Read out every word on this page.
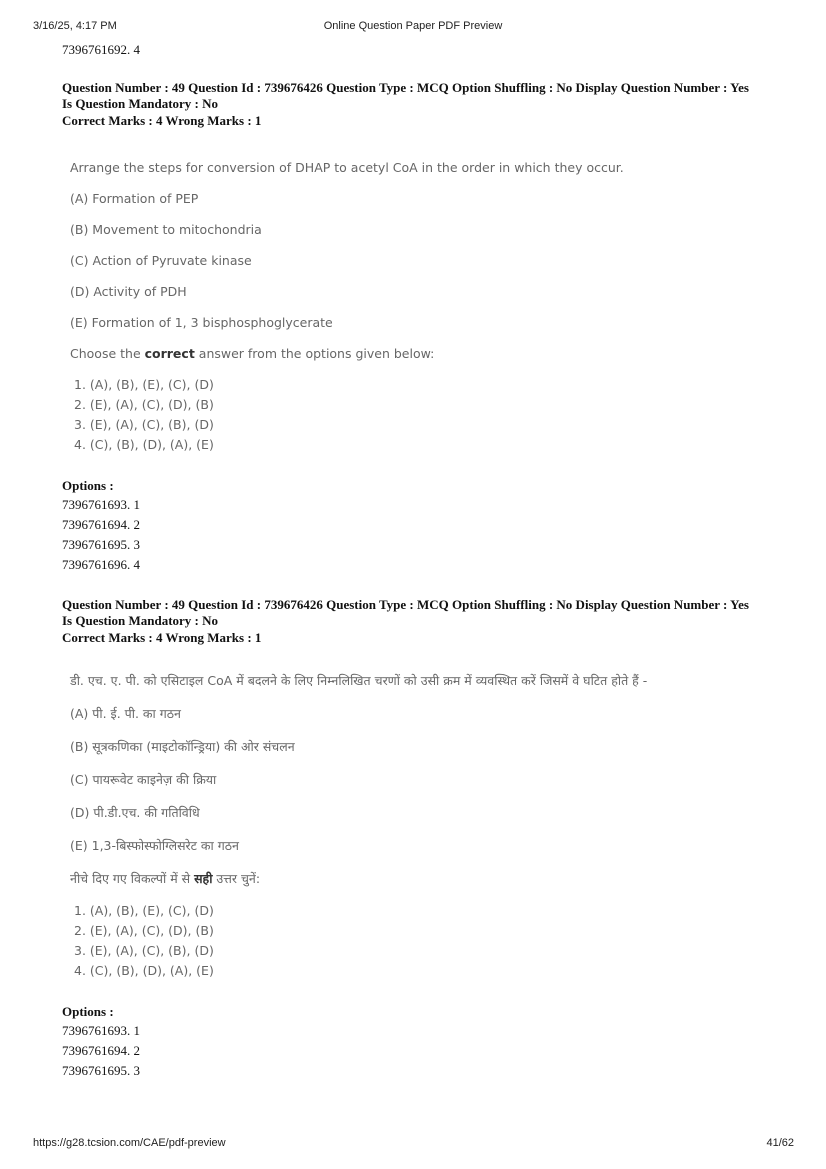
3/16/25, 4:17 PM	Online Question Paper PDF Preview

7396761692. 4

Question Number : 49 Question Id : 739676426 Question Type : MCQ Option Shuffling : No Display Question Number : Yes

Is Question Mandatory : No

Correct Marks : 4 Wrong Marks : 1

Arrange the steps for conversion of DHAP to acetyl CoA in the order in which they occur.

(A) Formation of PEP

(B) Movement to mitochondria

(C) Action of Pyruvate kinase

(D) Activity of PDH

(E) Formation of 1, 3 bisphosphoglycerate

Choose the correct answer from the options given below:

1. (A), (B), (E), (C), (D)

2. (E), (A), (C), (D), (B)

3. (E), (A), (C), (B), (D)

4. (C), (B), (D), (A), (E)

Options :

7396761693. 1

7396761694. 2

7396761695. 3

7396761696. 4

Question Number : 49 Question Id : 739676426 Question Type : MCQ Option Shuffling : No Display Question Number : Yes

Is Question Mandatory : No

Correct Marks : 4 Wrong Marks : 1

डी. एच. ए. पी. को एसिटाइल CoA में बदलने के लिए निम्नलिखित चरणों को उसी क्रम में व्यवस्थित करें जिसमें वे घटित होते हैं -

(A) पी. ई. पी. का गठन

(B) सूत्रकणिका (माइटोकॉन्ड्रिया) की ओर संचलन

(C) पायरूवेट काइनेज़ की क्रिया

(D) पी.डी.एच. की गतिविधि

(E) 1,3-बिस्फोस्फोग्लिसरेट का गठन

नीचे दिए गए विकल्पों में से सही उत्तर चुनें:

1. (A), (B), (E), (C), (D)

2. (E), (A), (C), (D), (B)

3. (E), (A), (C), (B), (D)

4. (C), (B), (D), (A), (E)

Options :

7396761693. 1

7396761694. 2

7396761695. 3

https://g28.tcsion.com/CAE/pdf-preview	41/62
